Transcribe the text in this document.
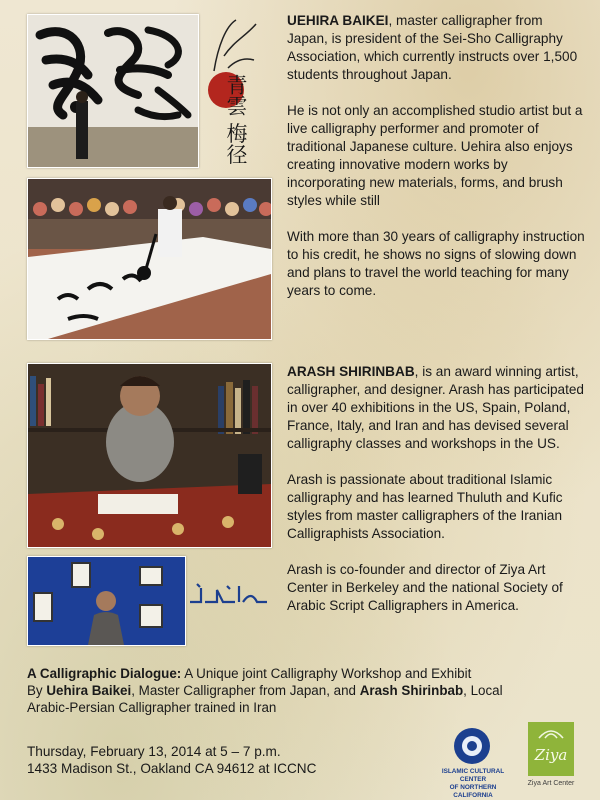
青雲 梅径

UEHIRA BAIKEI, master calligrapher from Japan, is president of the Sei-Sho Calligraphy Association, which currently instructs over 1,500 students throughout Japan.

He is not only an accomplished studio artist but a live calligraphy performer and promoter of traditional Japanese culture. Uehira also enjoys creating innovative modern works by incorporating new materials, forms, and brush styles while still

With more than 30 years of calligraphy instruction to his credit, he shows no signs of slowing down and plans to travel the world teaching for many years to come.

ARASH SHIRINBAB, is an award winning artist, calligrapher, and designer. Arash has participated in over 40 exhibitions in the US, Spain, Poland, France, Italy, and Iran and has devised several calligraphy classes and workshops in the US.

Arash is passionate about traditional Islamic calligraphy and has learned Thuluth and Kufic styles from master calligraphers of the Iranian Calligraphists Association.

Arash is co-founder and director of Ziya Art Center in Berkeley and the national Society of Arabic Script Calligraphers in America.

A Calligraphic Dialogue: A Unique joint Calligraphy Workshop and Exhibit
By Uehira Baikei, Master Calligrapher from Japan, and Arash Shirinbab, Local
Arabic-Persian Calligrapher trained in Iran
Thursday, February 13, 2014 at 5 – 7 p.m.
1433 Madison St., Oakland CA 94612 at ICCNC	ISLAMIC CULTURAL CENTER
OF NORTHERN CALIFORNIA
Ziya
Ziya Art Center
